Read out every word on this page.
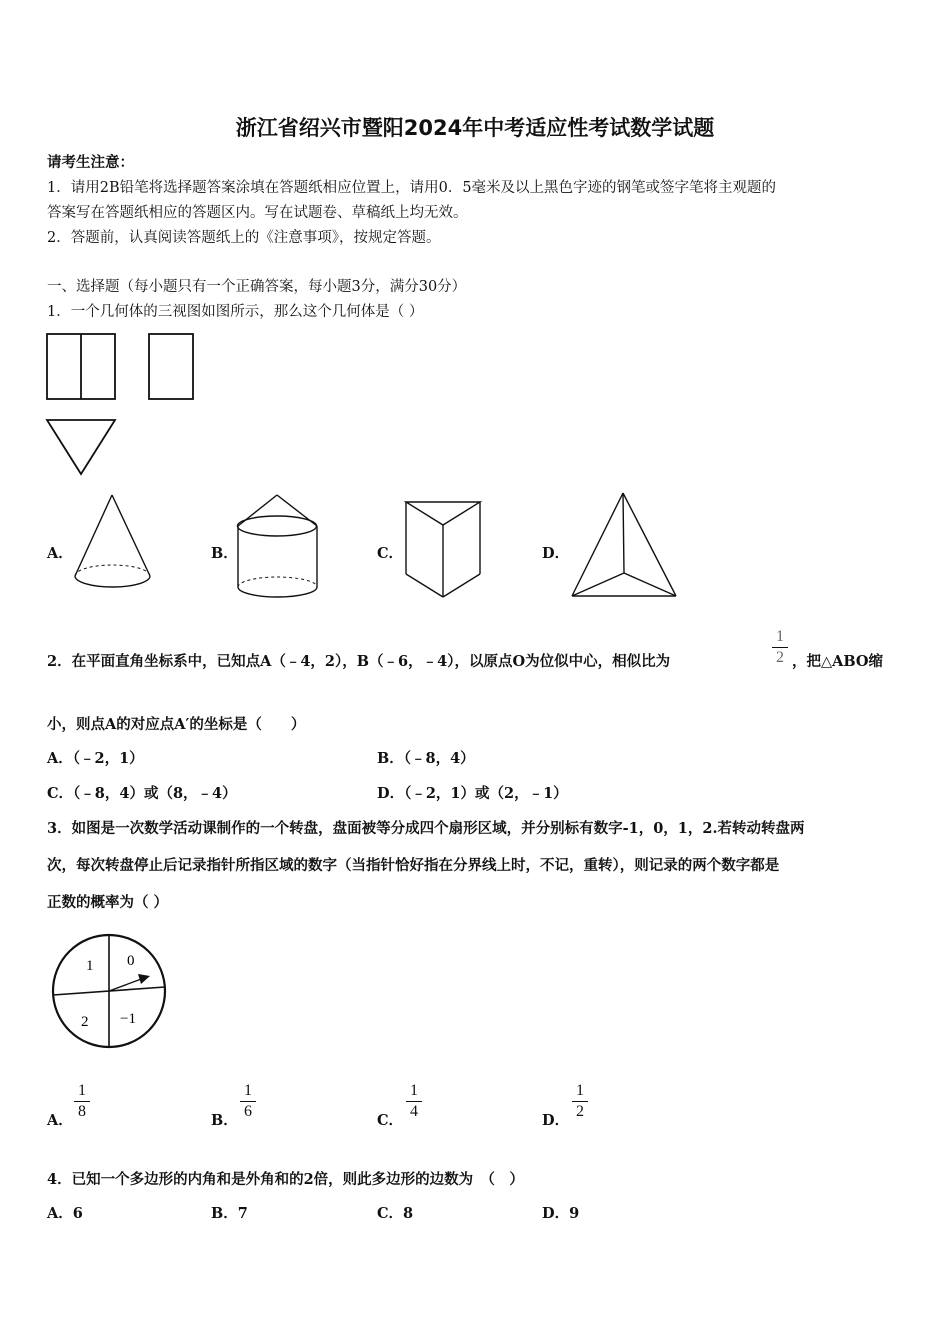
浙江省绍兴市暨阳2024年中考适应性考试数学试题
请考生注意：
1．请用2B铅笔将选择题答案涂填在答题纸相应位置上，请用0．5毫米及以上黑色字迹的钢笔或签字笔将主观题的
答案写在答题纸相应的答题区内。写在试题卷、草稿纸上均无效。
2．答题前，认真阅读答题纸上的《注意事项》，按规定答题。
一、选择题（每小题只有一个正确答案，每小题3分，满分30分）
1．一个几何体的三视图如图所示，那么这个几何体是（ ）
A．	B．	C．	D．
2．在平面直角坐标系中，已知点A（﹣4，2），B（﹣6，﹣4），以原点O为位似中心，相似比为
1
2 ，把△ABO缩
小，则点A的对应点A′的坐标是（　　）
A．（﹣2，1）	B．（﹣8，4）
C．（﹣8，4）或（8，﹣4）	D．（﹣2，1）或（2，﹣1）
3．如图是一次数学活动课制作的一个转盘，盘面被等分成四个扇形区域，并分别标有数字-1，0，1，2.若转动转盘两
次，每次转盘停止后记录指针所指区域的数字（当指针恰好指在分界线上时，不记，重转），则记录的两个数字都是
正数的概率为（ ）
1 0
2 −1
A．
1
8
B．
1
6
C．
1
4
D．
1
2
4．已知一个多边形的内角和是外角和的2倍，则此多边形的边数为　（　）
A．6	B．7	C．8	D．9
